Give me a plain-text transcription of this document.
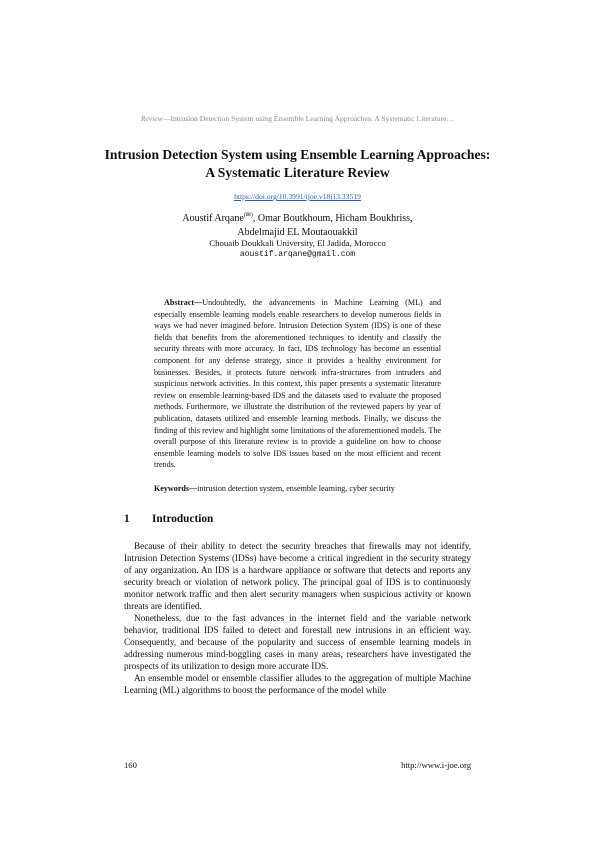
Review—Intrusion Detection System using Ensemble Learning Approaches: A Systematic Literature…
Intrusion Detection System using Ensemble Learning Approaches: A Systematic Literature Review
https://doi.org/10.3991/ijoe.v18i13.33519
Aoustif Arqane(✉), Omar Boutkhoum, Hicham Boukhriss,
Abdelmajid EL Moutaouakkil
Chouaib Doukkali University, El Jadida, Morocco
aoustif.arqane@gmail.com

Abstract—Undoubtedly, the advancements in Machine Learning (ML) and especially ensemble learning models enable researchers to develop numerous fields in ways we had never imagined before. Intrusion Detection System (IDS) is one of these fields that benefits from the aforementioned techniques to identify and classify the security threats with more accuracy. In fact, IDS technology has become an essential component for any defense strategy, since it provides a healthy environment for businesses. Besides, it protects future network infra-structures from intruders and suspicious network activities. In this context, this paper presents a systematic literature review on ensemble learning-based IDS and the datasets used to evaluate the proposed methods. Furthermore, we illustrate the distribution of the reviewed papers by year of publication, datasets utilized and ensemble learning methods. Finally, we discuss the finding of this review and highlight some limitations of the aforementioned models. The overall purpose of this literature review is to provide a guideline on how to choose ensemble learning models to solve IDS issues based on the most efficient and recent trends.

Keywords—intrusion detection system, ensemble learning, cyber security

1 Introduction

Because of their ability to detect the security breaches that firewalls may not identify, Intrusion Detection Systems (IDSs) have become a critical ingredient in the security strategy of any organization. An IDS is a hardware appliance or software that detects and reports any security breach or violation of network policy. The principal goal of IDS is to continuously monitor network traffic and then alert security managers when suspicious activity or known threats are identified.

Nonetheless, due to the fast advances in the internet field and the variable network behavior, traditional IDS failed to detect and forestall new intrusions in an efficient way. Consequently, and because of the popularity and success of ensemble learning models in addressing numerous mind-boggling cases in many areas, researchers have investigated the prospects of its utilization to design more accurate IDS.

An ensemble model or ensemble classifier alludes to the aggregation of multiple Machine Learning (ML) algorithms to boost the performance of the model while

160	http://www.i-joe.org
